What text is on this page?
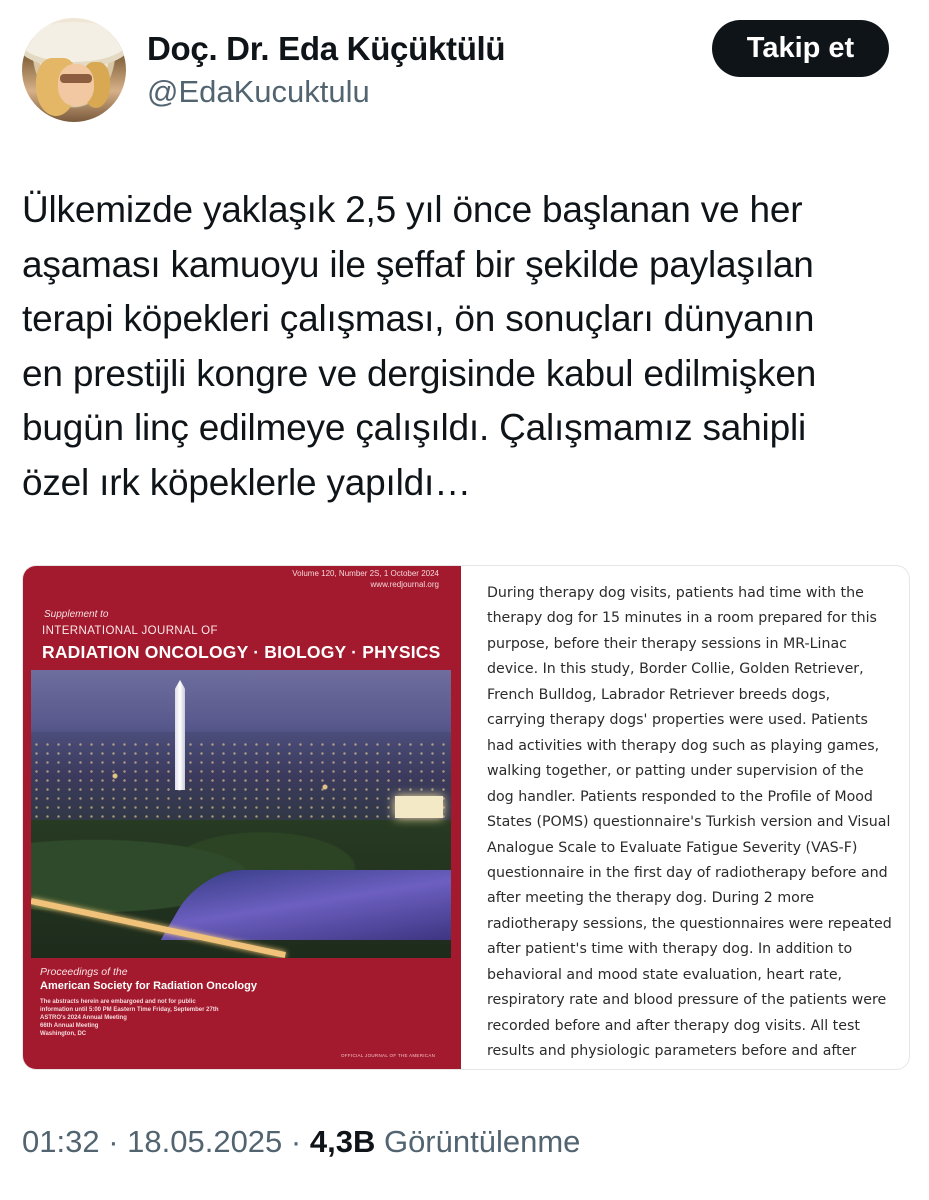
Doç. Dr. Eda Küçüktülü
@EdaKucuktulu
Takip et

Ülkemizde yaklaşık 2,5 yıl önce başlanan ve her

aşaması kamuoyu ile şeffaf bir şekilde paylaşılan

terapi köpekleri çalışması, ön sonuçları dünyanın

en prestijli kongre ve dergisinde kabul edilmişken

bugün linç edilmeye çalışıldı. Çalışmamız sahipli

özel ırk köpeklerle yapıldı…

Volume 120, Number 2S, 1 October 2024
www.redjournal.org
Supplement to
INTERNATIONAL JOURNAL OF
RADIATION ONCOLOGY · BIOLOGY · PHYSICS
Proceedings of the
American Society for Radiation Oncology
The abstracts herein are embargoed and not for public
information until 5:00 PM Eastern Time Friday, September 27th
ASTRO's 2024 Annual Meeting
66th Annual Meeting
Washington, DC
OFFICIAL JOURNAL OF THE AMERICAN
During therapy dog visits, patients had time with the
therapy dog for 15 minutes in a room prepared for this
purpose, before their therapy sessions in MR-Linac
device. In this study, Border Collie, Golden Retriever,
French Bulldog, Labrador Retriever breeds dogs,
carrying therapy dogs' properties were used. Patients
had activities with therapy dog such as playing games,
walking together, or patting under supervision of the
dog handler. Patients responded to the Profile of Mood
States (POMS) questionnaire's Turkish version and Visual
Analogue Scale to Evaluate Fatigue Severity (VAS-F)
questionnaire in the first day of radiotherapy before and
after meeting the therapy dog. During 2 more
radiotherapy sessions, the questionnaires were repeated
after patient's time with therapy dog. In addition to
behavioral and mood state evaluation, heart rate,
respiratory rate and blood pressure of the patients were
recorded before and after therapy dog visits. All test
results and physiologic parameters before and after
01:32 · 18.05.2025 · 4,3B Görüntülenme
